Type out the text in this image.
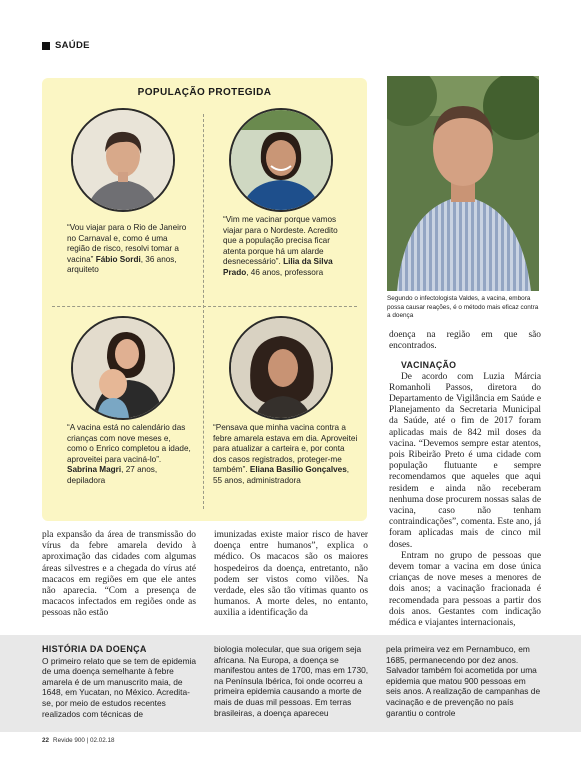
SAÚDE
POPULAÇÃO PROTEGIDA
“Vou viajar para o Rio de Janeiro no Carnaval e, como é uma região de risco, resolvi tomar a vacina” Fábio Sordi, 36 anos, arquiteto
“Vim me vacinar porque vamos viajar para o Nordeste. Acredito que a população precisa ficar atenta porque há um alarde desnecessário”. Lilia da Silva Prado, 46 anos, professora
“A vacina está no calendário das crianças com nove meses e, como o Enrico completou a idade, aproveitei para vaciná-lo”. Sabrina Magri, 27 anos, depiladora
“Pensava que minha vacina contra a febre amarela estava em dia. Aproveitei para atualizar a carteira e, por conta dos casos registrados, proteger-me também”. Eliana Basílio Gonçalves, 55 anos, administradora
Segundo o infectologista Valdes, a vacina, embora possa causar reações, é o método mais eficaz contra a doença

doença na região em que são encontrados.

VACINAÇÃO

De acordo com Luzia Márcia Romanholi Passos, diretora do Departamento de Vigilância em Saúde e Planejamento da Secretaria Municipal da Saúde, até o fim de 2017 foram aplicadas mais de 842 mil doses da vacina. “Devemos sempre estar atentos, pois Ribeirão Preto é uma cidade com população flutuante e sempre recomendamos que aqueles que aqui residem e ainda não receberam nenhuma dose procurem nossas salas de vacina, caso não tenham contraindicações”, comenta. Este ano, já foram aplicadas mais de cinco mil doses.

Entram no grupo de pessoas que devem tomar a vacina em dose única crianças de nove meses a menores de dois anos; a vacinação fracionada é recomendada para pessoas a partir dos dois anos. Gestantes com indicação médica e viajantes internacionais,

pla expansão da área de transmissão do vírus da febre amarela devido à aproximação das cidades com algumas áreas silvestres e a chegada do vírus até macacos em regiões em que ele antes não aparecia. “Com a presença de macacos infectados em regiões onde as pessoas não estão
imunizadas existe maior risco de haver doença entre humanos”, explica o médico. Os macacos são os maiores hospedeiros da doença, entretanto, não podem ser vistos como vilões. Na verdade, eles são tão vítimas quanto os humanos. A morte deles, no entanto, auxilia a identificação da
HISTÓRIA DA DOENÇA
O primeiro relato que se tem de epidemia de uma doença semelhante à febre amarela é de um manuscrito maia, de 1648, em Yucatan, no México. Acredita-se, por meio de estudos recentes realizados com técnicas de
biologia molecular, que sua origem seja africana. Na Europa, a doença se manifestou antes de 1700, mas em 1730, na Península Ibérica, foi onde ocorreu a primeira epidemia causando a morte de mais de duas mil pessoas. Em terras brasileiras, a doença apareceu
pela primeira vez em Pernambuco, em 1685, permanecendo por dez anos. Salvador também foi acometida por uma epidemia que matou 900 pessoas em seis anos. A realização de campanhas de vacinação e de prevenção no país garantiu o controle
22 Revide 900 | 02.02.18
